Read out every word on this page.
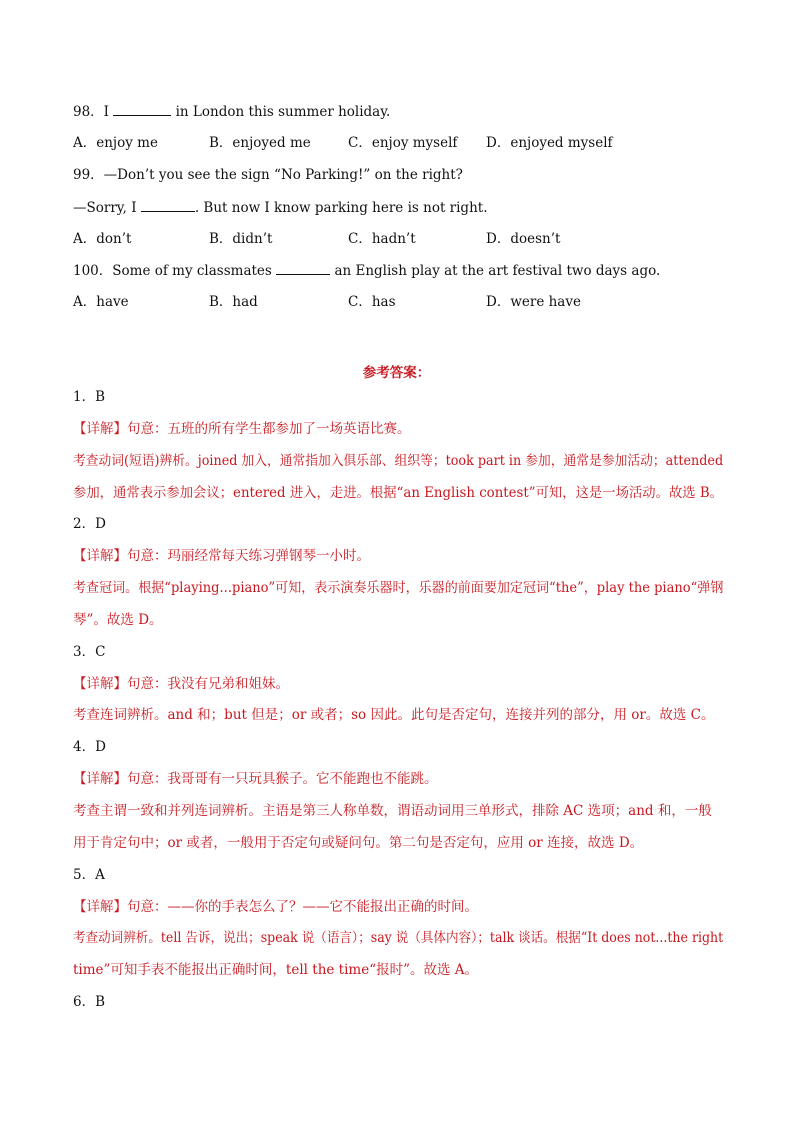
98．I	in London this summer holiday.
A．enjoy me	B．enjoyed me	C．enjoy myself D．enjoyed myself
99．—Don’t you see the sign “No Parking!” on the right?
—Sorry, I	. But now I know parking here is not right.
A．don’t	B．didn’t	C．hadn’t	D．doesn’t
100．Some of my classmates	an English play at the art festival two days ago.
A．have	B．had	C．has	D．were have
参考答案：
1．B
【详解】句意：五班的所有学生都参加了一场英语比赛。
考查动词(短语)辨析。joined 加入，通常指加入俱乐部、组织等；took part in 参加，通常是参加活动；attended
参加，通常表示参加会议；entered 进入，走进。根据“an English contest”可知，这是一场活动。故选 B。
2．D
【详解】句意：玛丽经常每天练习弹钢琴一小时。
考查冠词。根据“playing...piano”可知，表示演奏乐器时，乐器的前面要加定冠词“the”，play the piano“弹钢
琴”。故选 D。
3．C
【详解】句意：我没有兄弟和姐妹。
考查连词辨析。and 和；but 但是；or 或者；so 因此。此句是否定句，连接并列的部分，用 or。故选 C。
4．D
【详解】句意：我哥哥有一只玩具猴子。它不能跑也不能跳。
考查主谓一致和并列连词辨析。主语是第三人称单数，谓语动词用三单形式，排除 AC 选项；and 和，一般
用于肯定句中；or 或者，一般用于否定句或疑问句。第二句是否定句，应用 or 连接，故选 D。
5．A
【详解】句意：——你的手表怎么了？——它不能报出正确的时间。
考查动词辨析。tell 告诉，说出；speak 说（语言）；say 说（具体内容）；talk 谈话。根据“It does not...the right
time”可知手表不能报出正确时间，tell the time“报时”。故选 A。
6．B
